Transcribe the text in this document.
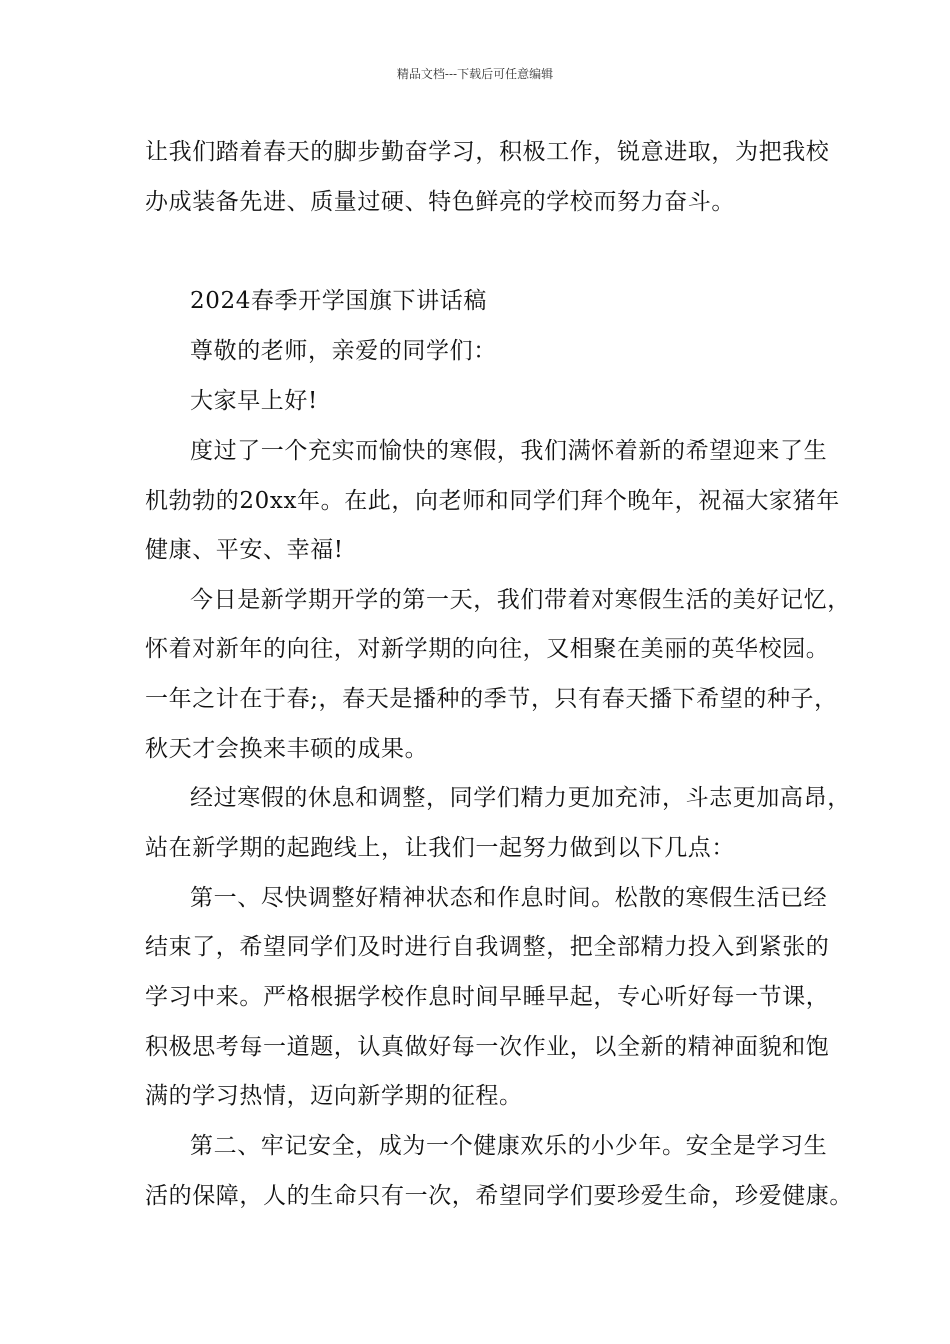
精品文档---下载后可任意编辑
让我们踏着春天的脚步勤奋学习，积极工作，锐意进取，为把我校
办成装备先进、质量过硬、特色鲜亮的学校而努力奋斗。
2024春季开学国旗下讲话稿
尊敬的老师，亲爱的同学们：
大家早上好!
度过了一个充实而愉快的寒假，我们满怀着新的希望迎来了生
机勃勃的20xx年。在此，向老师和同学们拜个晚年，祝福大家猪年
健康、平安、幸福!
今日是新学期开学的第一天，我们带着对寒假生活的美好记忆，
怀着对新年的向往，对新学期的向往，又相聚在美丽的英华校园。
一年之计在于春;，春天是播种的季节，只有春天播下希望的种子，
秋天才会换来丰硕的成果。
经过寒假的休息和调整，同学们精力更加充沛，斗志更加高昂，
站在新学期的起跑线上，让我们一起努力做到以下几点：
第一、尽快调整好精神状态和作息时间。松散的寒假生活已经
结束了，希望同学们及时进行自我调整，把全部精力投入到紧张的
学习中来。严格根据学校作息时间早睡早起，专心听好每一节课，
积极思考每一道题，认真做好每一次作业，以全新的精神面貌和饱
满的学习热情，迈向新学期的征程。
第二、牢记安全，成为一个健康欢乐的小少年。安全是学习生
活的保障，人的生命只有一次，希望同学们要珍爱生命，珍爱健康。
